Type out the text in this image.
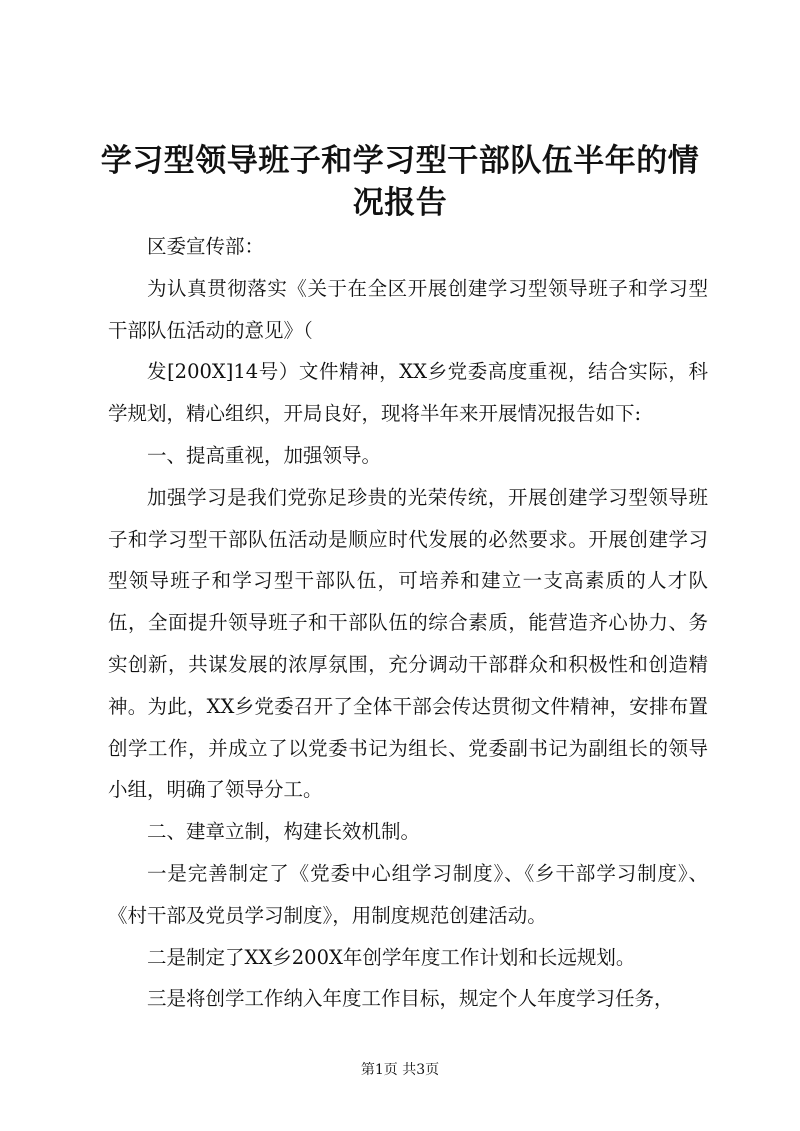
学习型领导班子和学习型干部队伍半年的情况报告

区委宣传部：

为认真贯彻落实《关于在全区开展创建学习型领导班子和学习型干部队伍活动的意见》（

发[200X]14号）文件精神，XX乡党委高度重视，结合实际，科学规划，精心组织，开局良好，现将半年来开展情况报告如下:

一、提高重视，加强领导。

加强学习是我们党弥足珍贵的光荣传统，开展创建学习型领导班子和学习型干部队伍活动是顺应时代发展的必然要求。开展创建学习型领导班子和学习型干部队伍，可培养和建立一支高素质的人才队伍，全面提升领导班子和干部队伍的综合素质，能营造齐心协力、务实创新，共谋发展的浓厚氛围，充分调动干部群众和积极性和创造精神。为此，XX乡党委召开了全体干部会传达贯彻文件精神，安排布置创学工作，并成立了以党委书记为组长、党委副书记为副组长的领导小组，明确了领导分工。

二、建章立制，构建长效机制。

一是完善制定了《党委中心组学习制度》、《乡干部学习制度》、《村干部及党员学习制度》，用制度规范创建活动。

二是制定了XX乡200X年创学年度工作计划和长远规划。

三是将创学工作纳入年度工作目标，规定个人年度学习任务，

第1页 共3页
